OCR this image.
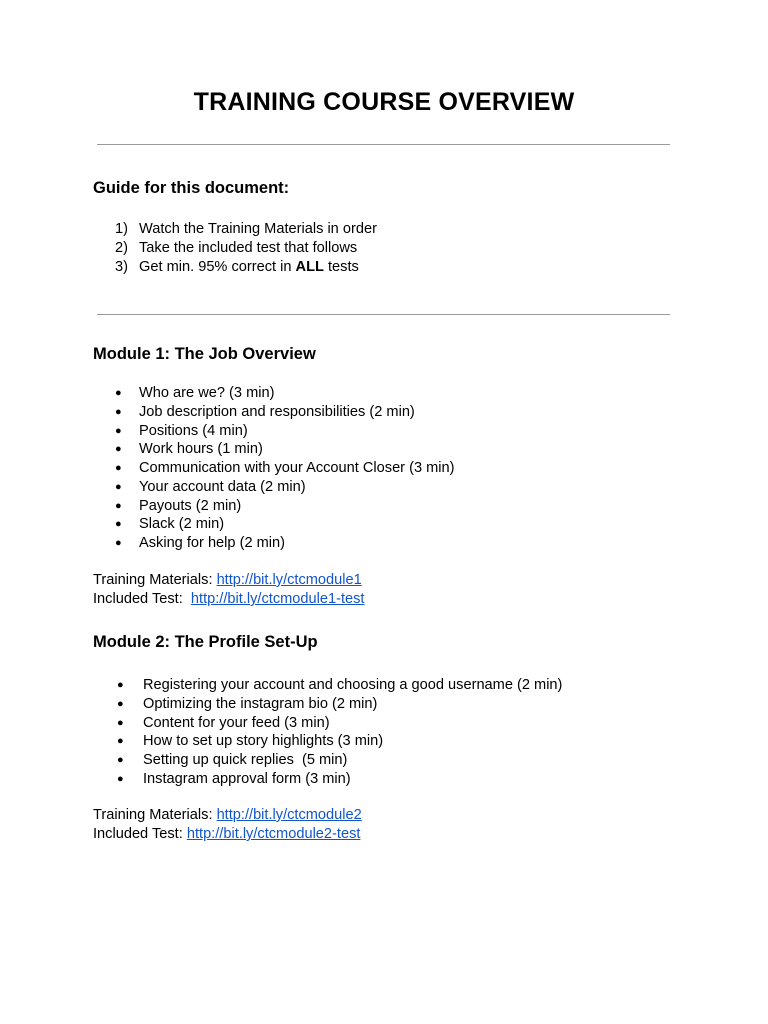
TRAINING COURSE OVERVIEW
Guide for this document:
1) Watch the Training Materials in order
2) Take the included test that follows
3) Get min. 95% correct in ALL tests
Module 1: The Job Overview
● Who are we? (3 min)
● Job description and responsibilities (2 min)
● Positions (4 min)
● Work hours (1 min)
● Communication with your Account Closer (3 min)
● Your account data (2 min)
● Payouts (2 min)
● Slack (2 min)
● Asking for help (2 min)
Training Materials: http://bit.ly/ctcmodule1
Included Test:  http://bit.ly/ctcmodule1-test
Module 2: The Profile Set-Up
● Registering your account and choosing a good username (2 min)
● Optimizing the instagram bio (2 min)
● Content for your feed (3 min)
● How to set up story highlights (3 min)
● Setting up quick replies  (5 min)
● Instagram approval form (3 min)
Training Materials: http://bit.ly/ctcmodule2
Included Test: http://bit.ly/ctcmodule2-test
